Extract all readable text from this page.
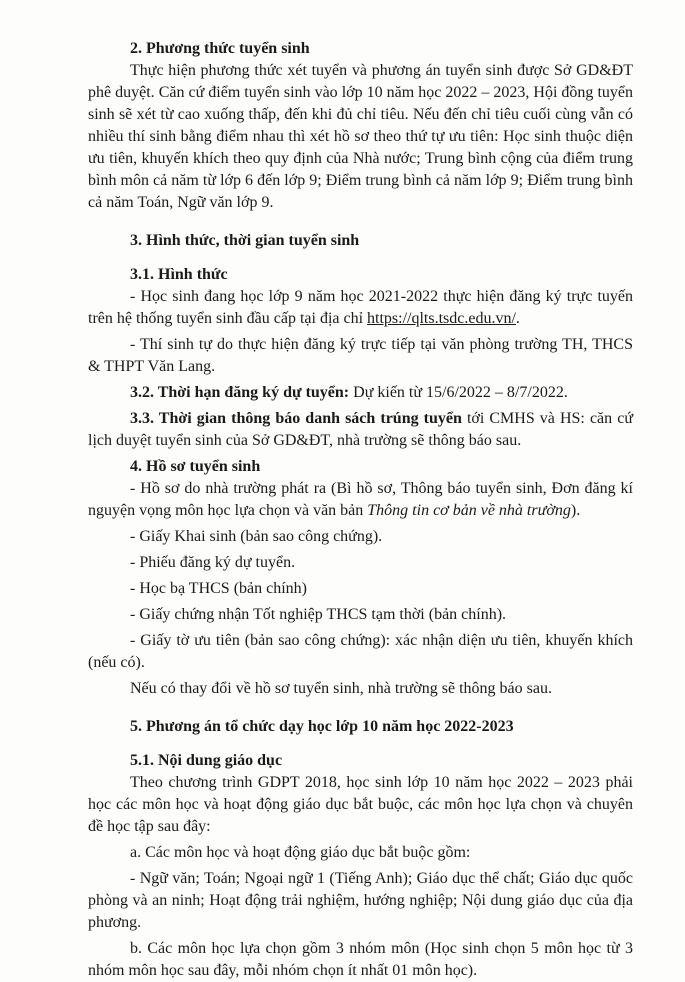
2. Phương thức tuyển sinh

Thực hiện phương thức xét tuyển và phương án tuyển sinh được Sở GD&ĐT phê duyệt. Căn cứ điểm tuyển sinh vào lớp 10 năm học 2022 – 2023, Hội đồng tuyển sinh sẽ xét từ cao xuống thấp, đến khi đủ chỉ tiêu. Nếu đến chỉ tiêu cuối cùng vẫn có nhiều thí sinh bằng điểm nhau thì xét hồ sơ theo thứ tự ưu tiên: Học sinh thuộc diện ưu tiên, khuyến khích theo quy định của Nhà nước; Trung bình cộng của điểm trung bình môn cả năm từ lớp 6 đến lớp 9; Điểm trung bình cả năm lớp 9; Điểm trung bình cả năm Toán, Ngữ văn lớp 9.

3. Hình thức, thời gian tuyển sinh

3.1. Hình thức

- Học sinh đang học lớp 9 năm học 2021-2022 thực hiện đăng ký trực tuyến trên hệ thống tuyển sinh đầu cấp tại địa chỉ https://qlts.tsdc.edu.vn/.

- Thí sinh tự do thực hiện đăng ký trực tiếp tại văn phòng trường TH, THCS & THPT Văn Lang.

3.2. Thời hạn đăng ký dự tuyển: Dự kiến từ 15/6/2022 – 8/7/2022.

3.3. Thời gian thông báo danh sách trúng tuyển tới CMHS và HS: căn cứ lịch duyệt tuyển sinh của Sở GD&ĐT, nhà trường sẽ thông báo sau.

4. Hồ sơ tuyển sinh

- Hồ sơ do nhà trường phát ra (Bì hồ sơ, Thông báo tuyển sinh, Đơn đăng kí nguyện vọng môn học lựa chọn và văn bản Thông tin cơ bản về nhà trường).

- Giấy Khai sinh (bản sao công chứng).

- Phiếu đăng ký dự tuyển.

- Học bạ THCS (bản chính)

- Giấy chứng nhận Tốt nghiệp THCS tạm thời (bản chính).

- Giấy tờ ưu tiên (bản sao công chứng): xác nhận diện ưu tiên, khuyến khích (nếu có).

Nếu có thay đổi về hồ sơ tuyển sinh, nhà trường sẽ thông báo sau.

5. Phương án tổ chức dạy học lớp 10 năm học 2022-2023

5.1. Nội dung giáo dục

Theo chương trình GDPT 2018, học sinh lớp 10 năm học 2022 – 2023 phải học các môn học và hoạt động giáo dục bắt buộc, các môn học lựa chọn và chuyên đề học tập sau đây:

a. Các môn học và hoạt động giáo dục bắt buộc gồm:

- Ngữ văn; Toán; Ngoại ngữ 1 (Tiếng Anh); Giáo dục thể chất; Giáo dục quốc phòng và an ninh; Hoạt động trải nghiệm, hướng nghiệp; Nội dung giáo dục của địa phương.

b. Các môn học lựa chọn gồm 3 nhóm môn (Học sinh chọn 5 môn học từ 3 nhóm môn học sau đây, mỗi nhóm chọn ít nhất 01 môn học).
